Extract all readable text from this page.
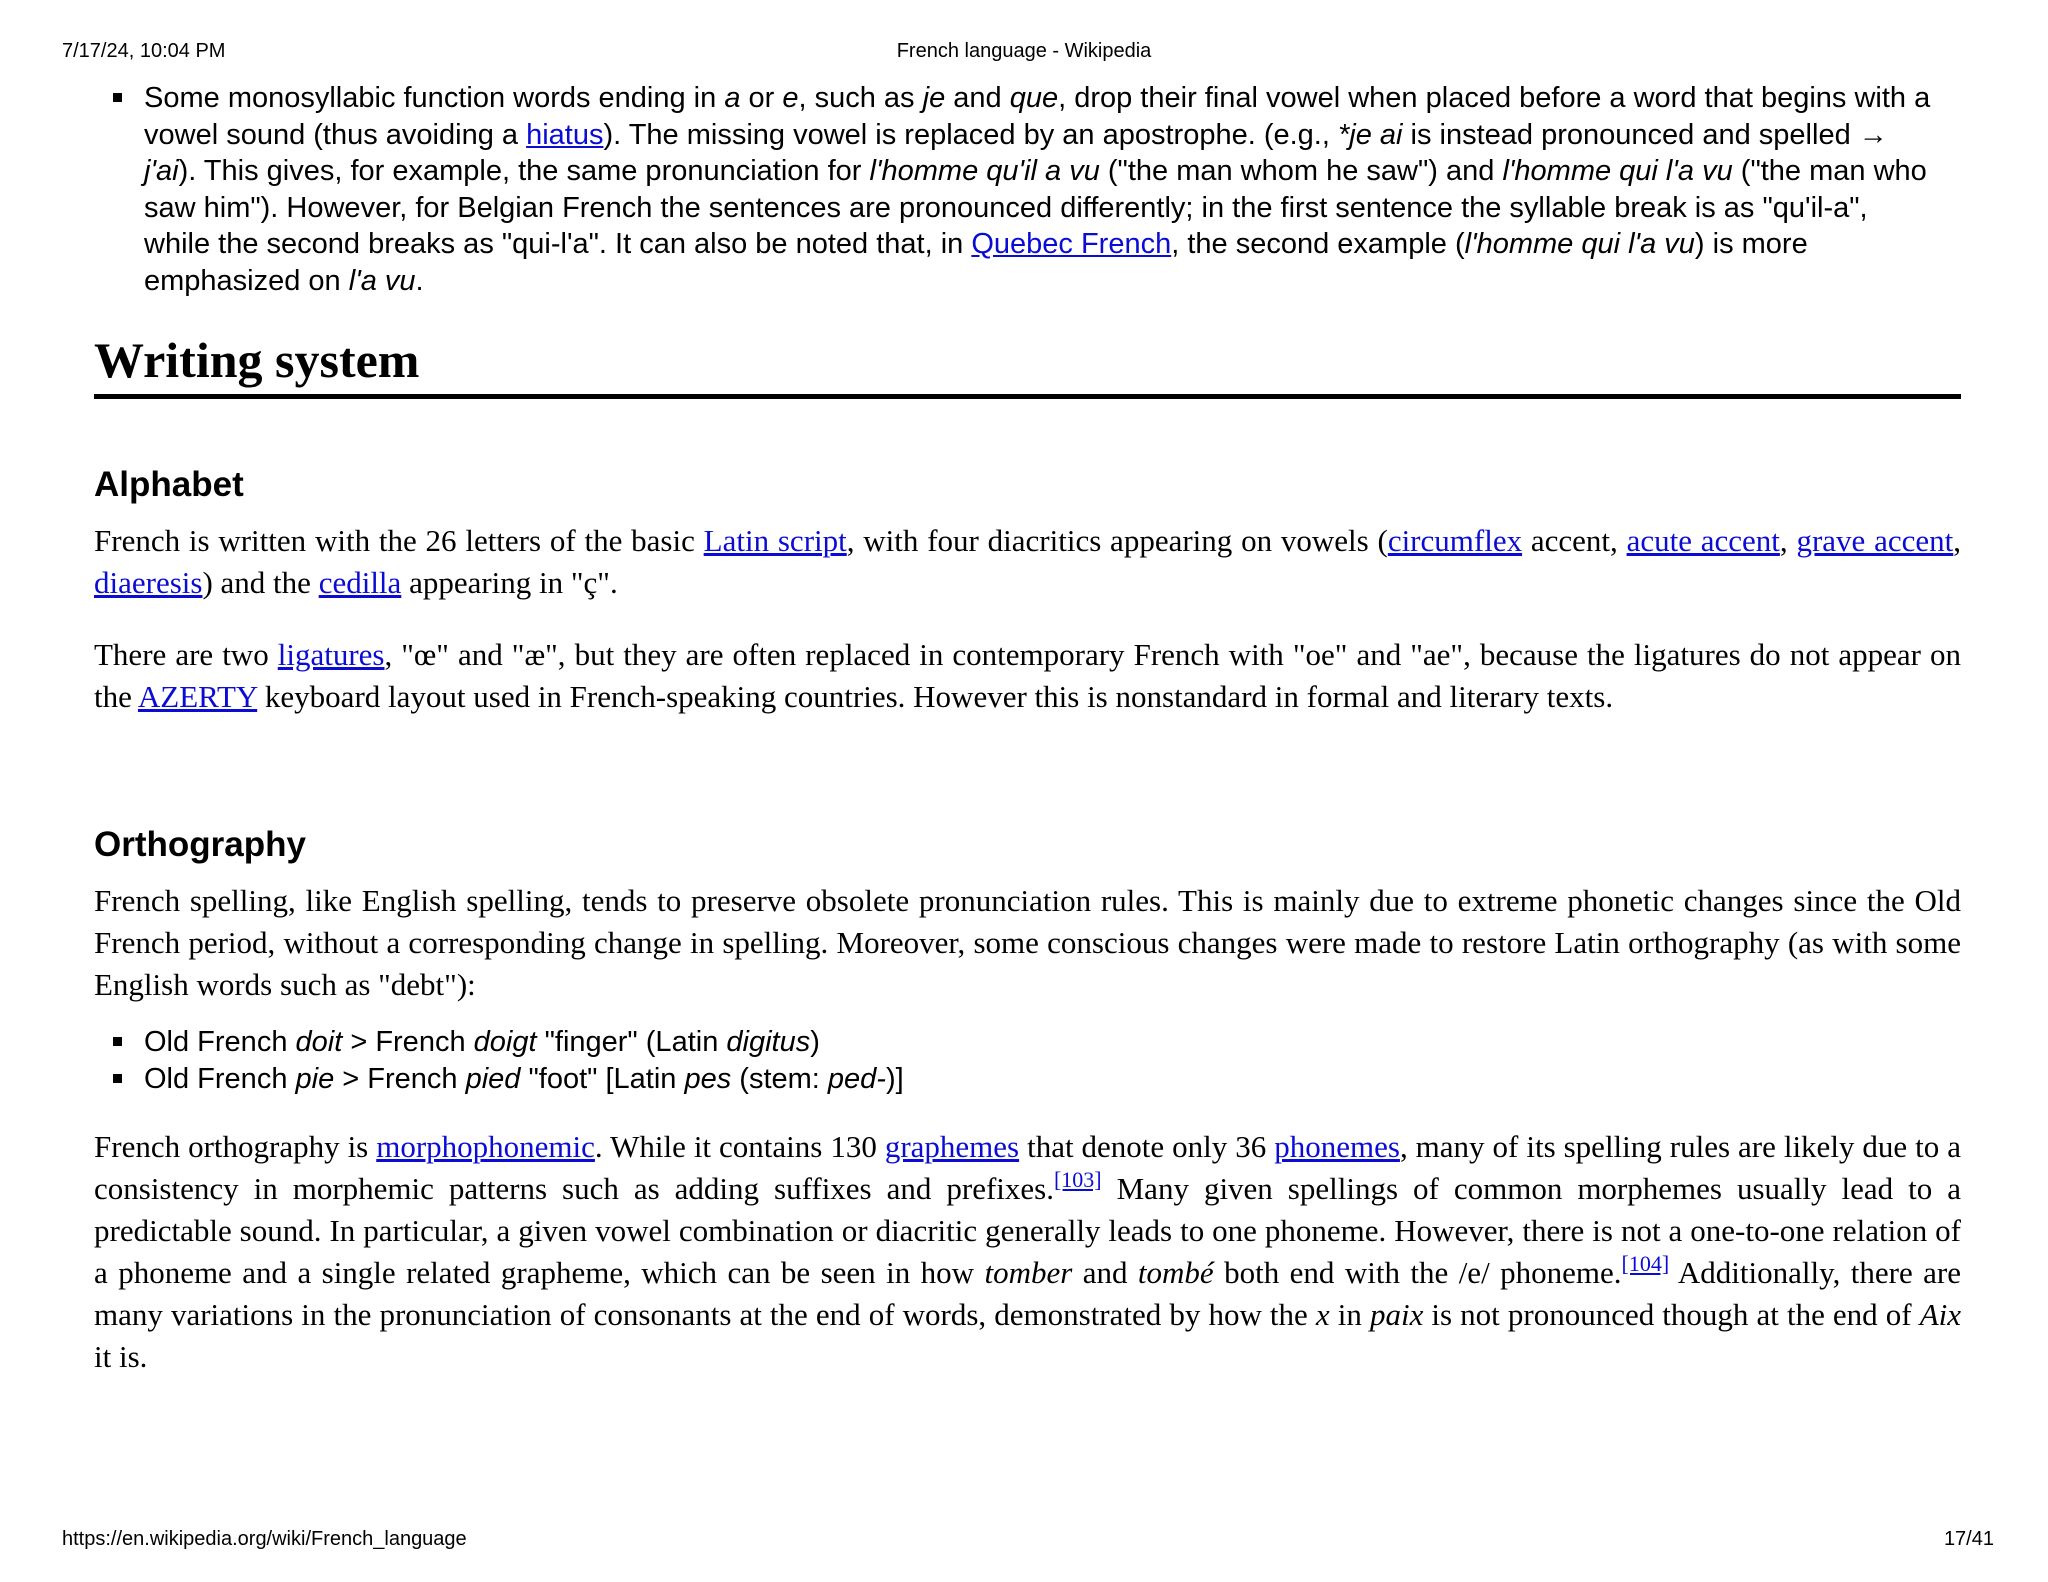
7/17/24, 10:04 PM	French language - Wikipedia
Some monosyllabic function words ending in a or e, such as je and que, drop their final vowel when placed before a word that begins with a vowel sound (thus avoiding a hiatus). The missing vowel is replaced by an apostrophe. (e.g., *je ai is instead pronounced and spelled → j'ai). This gives, for example, the same pronunciation for l'homme qu'il a vu ("the man whom he saw") and l'homme qui l'a vu ("the man who saw him"). However, for Belgian French the sentences are pronounced differently; in the first sentence the syllable break is as "qu'il-a", while the second breaks as "qui-l'a". It can also be noted that, in Quebec French, the second example (l'homme qui l'a vu) is more emphasized on l'a vu.
Writing system
Alphabet

French is written with the 26 letters of the basic Latin script, with four diacritics appearing on vowels (circumflex accent, acute accent, grave accent, diaeresis) and the cedilla appearing in "ç".

There are two ligatures, "œ" and "æ", but they are often replaced in contemporary French with "oe" and "ae", because the ligatures do not appear on the AZERTY keyboard layout used in French-speaking countries. However this is nonstandard in formal and literary texts.

Orthography

French spelling, like English spelling, tends to preserve obsolete pronunciation rules. This is mainly due to extreme phonetic changes since the Old French period, without a corresponding change in spelling. Moreover, some conscious changes were made to restore Latin orthography (as with some English words such as "debt"):

Old French doit > French doigt "finger" (Latin digitus)
Old French pie > French pied "foot" [Latin pes (stem: ped-)]

French orthography is morphophonemic. While it contains 130 graphemes that denote only 36 phonemes, many of its spelling rules are likely due to a consistency in morphemic patterns such as adding suffixes and prefixes.[103] Many given spellings of common morphemes usually lead to a predictable sound. In particular, a given vowel combination or diacritic generally leads to one phoneme. However, there is not a one-to-one relation of a phoneme and a single related grapheme, which can be seen in how tomber and tombé both end with the /e/ phoneme.[104] Additionally, there are many variations in the pronunciation of consonants at the end of words, demonstrated by how the x in paix is not pronounced though at the end of Aix it is.

https://en.wikipedia.org/wiki/French_language	17/41
